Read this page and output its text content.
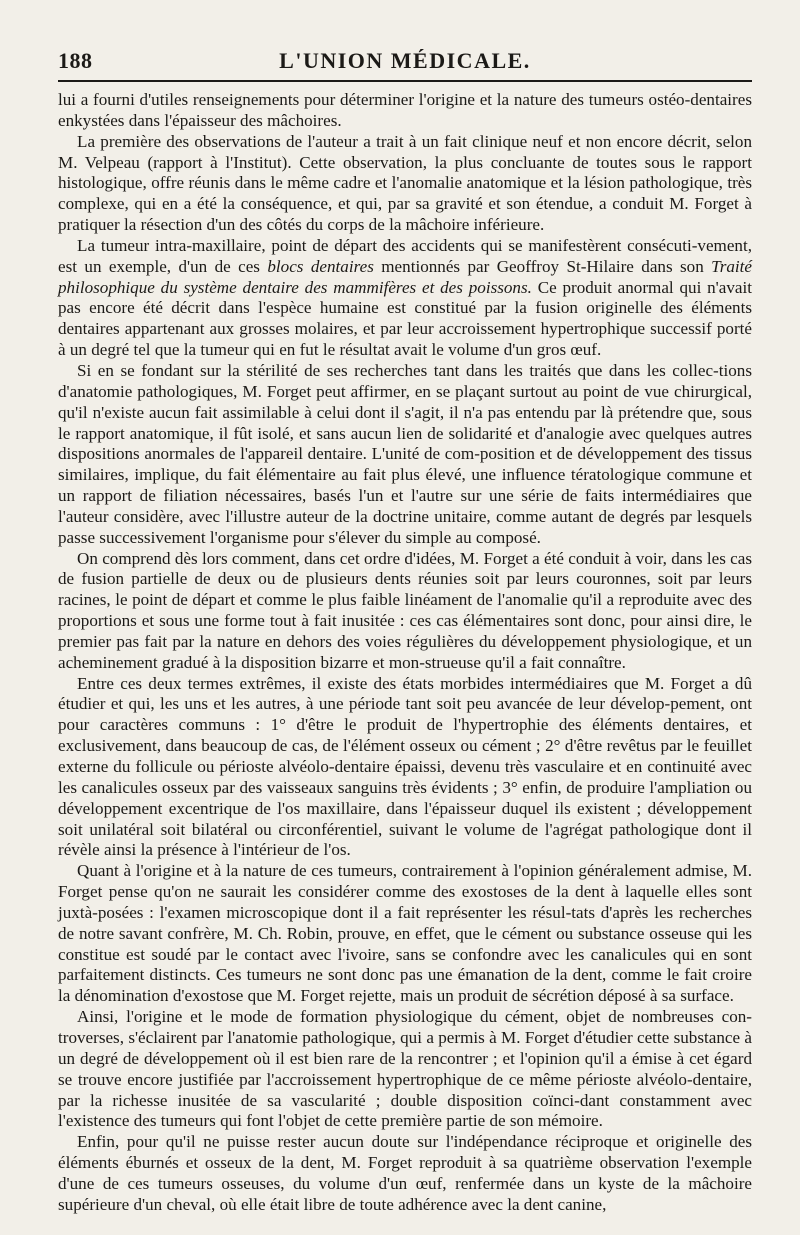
188	L'UNION MÉDICALE.

lui a fourni d'utiles renseignements pour déterminer l'origine et la nature des tumeurs ostéo-dentaires enkystées dans l'épaisseur des mâchoires.

La première des observations de l'auteur a trait à un fait clinique neuf et non encore décrit, selon M. Velpeau (rapport à l'Institut). Cette observation, la plus concluante de toutes sous le rapport histologique, offre réunis dans le même cadre et l'anomalie anatomique et la lésion pathologique, très complexe, qui en a été la conséquence, et qui, par sa gravité et son étendue, a conduit M. Forget à pratiquer la résection d'un des côtés du corps de la mâchoire inférieure.

La tumeur intra-maxillaire, point de départ des accidents qui se manifestèrent consécuti-vement, est un exemple, d'un de ces blocs dentaires mentionnés par Geoffroy St-Hilaire dans son Traité philosophique du système dentaire des mammifères et des poissons. Ce produit anormal qui n'avait pas encore été décrit dans l'espèce humaine est constitué par la fusion originelle des éléments dentaires appartenant aux grosses molaires, et par leur accroissement hypertrophique successif porté à un degré tel que la tumeur qui en fut le résultat avait le volume d'un gros œuf.

Si en se fondant sur la stérilité de ses recherches tant dans les traités que dans les collec-tions d'anatomie pathologiques, M. Forget peut affirmer, en se plaçant surtout au point de vue chirurgical, qu'il n'existe aucun fait assimilable à celui dont il s'agit, il n'a pas entendu par là prétendre que, sous le rapport anatomique, il fût isolé, et sans aucun lien de solidarité et d'analogie avec quelques autres dispositions anormales de l'appareil dentaire. L'unité de com-position et de développement des tissus similaires, implique, du fait élémentaire au fait plus élevé, une influence tératologique commune et un rapport de filiation nécessaires, basés l'un et l'autre sur une série de faits intermédiaires que l'auteur considère, avec l'illustre auteur de la doctrine unitaire, comme autant de degrés par lesquels passe successivement l'organisme pour s'élever du simple au composé.

On comprend dès lors comment, dans cet ordre d'idées, M. Forget a été conduit à voir, dans les cas de fusion partielle de deux ou de plusieurs dents réunies soit par leurs couronnes, soit par leurs racines, le point de départ et comme le plus faible linéament de l'anomalie qu'il a reproduite avec des proportions et sous une forme tout à fait inusitée : ces cas élémentaires sont donc, pour ainsi dire, le premier pas fait par la nature en dehors des voies régulières du développement physiologique, et un acheminement gradué à la disposition bizarre et mon-strueuse qu'il a fait connaître.

Entre ces deux termes extrêmes, il existe des états morbides intermédiaires que M. Forget a dû étudier et qui, les uns et les autres, à une période tant soit peu avancée de leur dévelop-pement, ont pour caractères communs : 1° d'être le produit de l'hypertrophie des éléments dentaires, et exclusivement, dans beaucoup de cas, de l'élément osseux ou cément ; 2° d'être revêtus par le feuillet externe du follicule ou périoste alvéolo-dentaire épaissi, devenu très vasculaire et en continuité avec les canalicules osseux par des vaisseaux sanguins très évidents ; 3° enfin, de produire l'ampliation ou développement excentrique de l'os maxillaire, dans l'épaisseur duquel ils existent ; développement soit unilatéral soit bilatéral ou circonférentiel, suivant le volume de l'agrégat pathologique dont il révèle ainsi la présence à l'intérieur de l'os.

Quant à l'origine et à la nature de ces tumeurs, contrairement à l'opinion généralement admise, M. Forget pense qu'on ne saurait les considérer comme des exostoses de la dent à laquelle elles sont juxtà-posées : l'examen microscopique dont il a fait représenter les résul-tats d'après les recherches de notre savant confrère, M. Ch. Robin, prouve, en effet, que le cément ou substance osseuse qui les constitue est soudé par le contact avec l'ivoire, sans se confondre avec les canalicules qui en sont parfaitement distincts. Ces tumeurs ne sont donc pas une émanation de la dent, comme le fait croire la dénomination d'exostose que M. Forget rejette, mais un produit de sécrétion déposé à sa surface.

Ainsi, l'origine et le mode de formation physiologique du cément, objet de nombreuses con-troverses, s'éclairent par l'anatomie pathologique, qui a permis à M. Forget d'étudier cette substance à un degré de développement où il est bien rare de la rencontrer ; et l'opinion qu'il a émise à cet égard se trouve encore justifiée par l'accroissement hypertrophique de ce même périoste alvéolo-dentaire, par la richesse inusitée de sa vascularité ; double disposition coïnci-dant constamment avec l'existence des tumeurs qui font l'objet de cette première partie de son mémoire.

Enfin, pour qu'il ne puisse rester aucun doute sur l'indépendance réciproque et originelle des éléments éburnés et osseux de la dent, M. Forget reproduit à sa quatrième observation l'exemple d'une de ces tumeurs osseuses, du volume d'un œuf, renfermée dans un kyste de la mâchoire supérieure d'un cheval, où elle était libre de toute adhérence avec la dent canine,
